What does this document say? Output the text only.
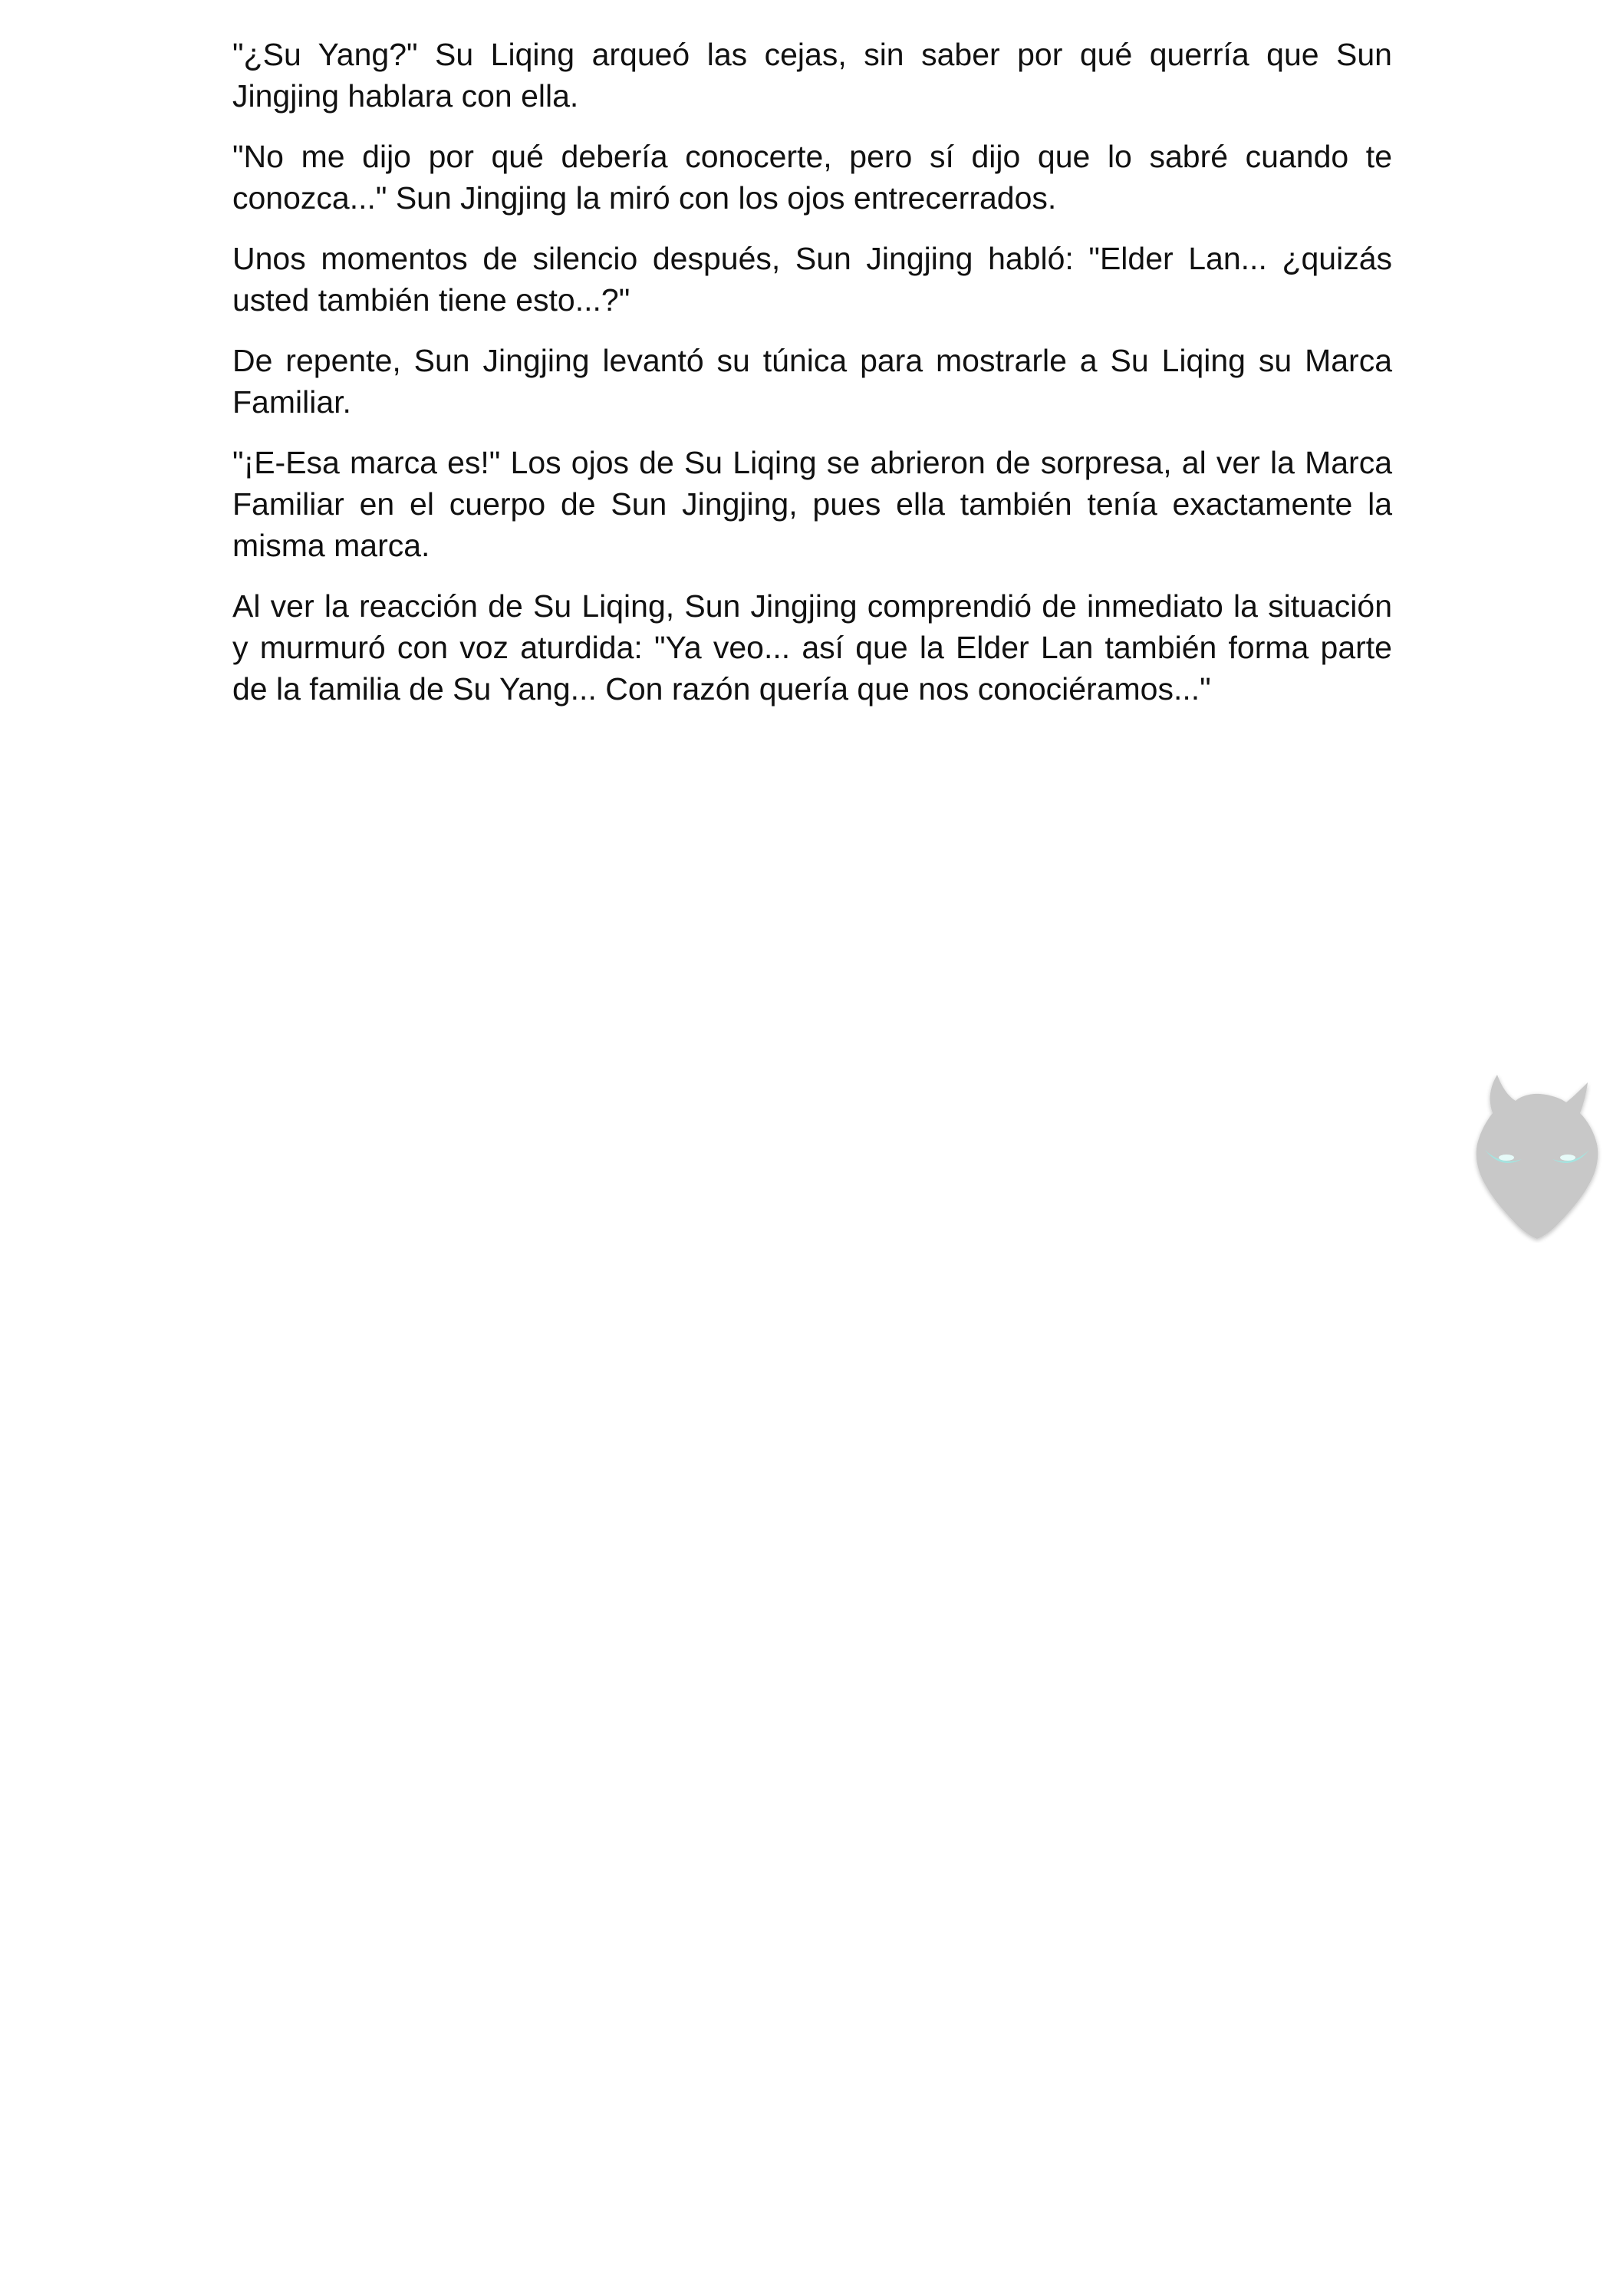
"¿Su Yang?" Su Liqing arqueó las cejas, sin saber por qué querría que Sun Jingjing hablara con ella.

"No me dijo por qué debería conocerte, pero sí dijo que lo sabré cuando te conozca..." Sun Jingjing la miró con los ojos entrecerrados.

Unos momentos de silencio después, Sun Jingjing habló: "Elder Lan... ¿quizás usted también tiene esto...?"

De repente, Sun Jingjing levantó su túnica para mostrarle a Su Liqing su Marca Familiar.

"¡E-Esa marca es!" Los ojos de Su Liqing se abrieron de sorpresa, al ver la Marca Familiar en el cuerpo de Sun Jingjing, pues ella también tenía exactamente la misma marca.

Al ver la reacción de Su Liqing, Sun Jingjing comprendió de inmediato la situación y murmuró con voz aturdida: "Ya veo... así que la Elder Lan también forma parte de la familia de Su Yang... Con razón quería que nos conociéramos..."
